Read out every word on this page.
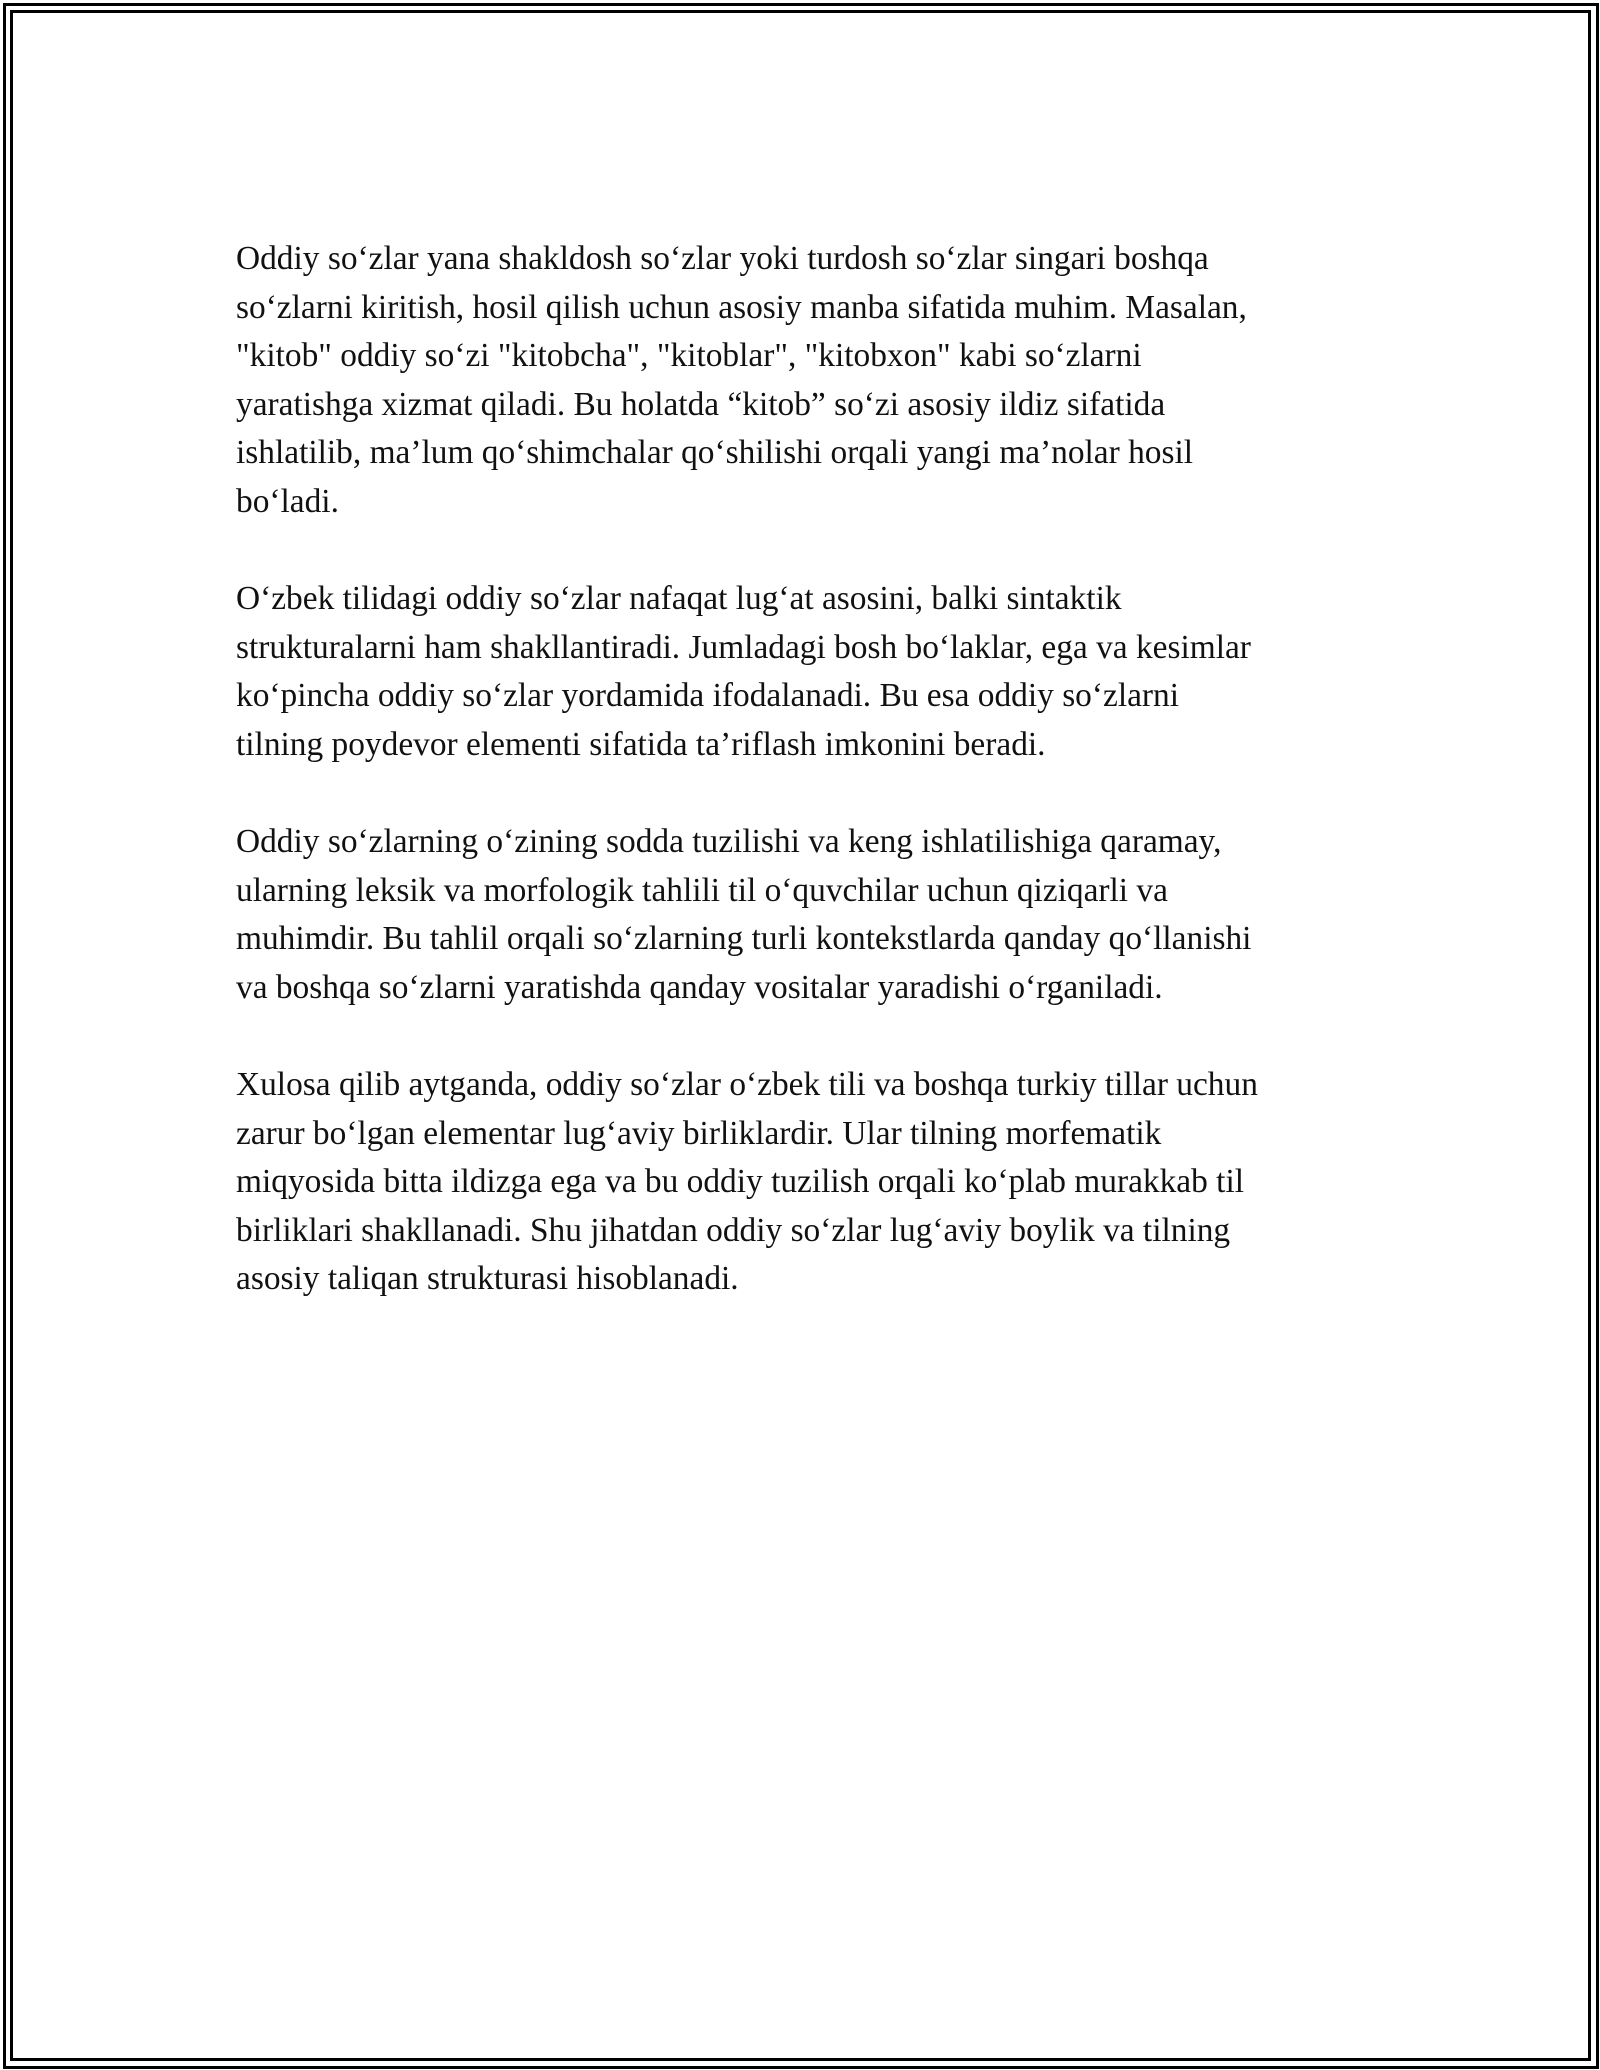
Oddiy so‘zlar yana shakldosh so‘zlar yoki turdosh so‘zlar singari boshqa
so‘zlarni kiritish, hosil qilish uchun asosiy manba sifatida muhim. Masalan,
"kitob" oddiy so‘zi "kitobcha", "kitoblar", "kitobxon" kabi so‘zlarni
yaratishga xizmat qiladi. Bu holatda “kitob” so‘zi asosiy ildiz sifatida
ishlatilib, ma’lum qo‘shimchalar qo‘shilishi orqali yangi ma’nolar hosil
bo‘ladi.

O‘zbek tilidagi oddiy so‘zlar nafaqat lug‘at asosini, balki sintaktik
strukturalarni ham shakllantiradi. Jumladagi bosh bo‘laklar, ega va kesimlar
ko‘pincha oddiy so‘zlar yordamida ifodalanadi. Bu esa oddiy so‘zlarni
tilning poydevor elementi sifatida ta’riflash imkonini beradi.

Oddiy so‘zlarning o‘zining sodda tuzilishi va keng ishlatilishiga qaramay,
ularning leksik va morfologik tahlili til o‘quvchilar uchun qiziqarli va
muhimdir. Bu tahlil orqali so‘zlarning turli kontekstlarda qanday qo‘llanishi
va boshqa so‘zlarni yaratishda qanday vositalar yaradishi o‘rganiladi.

Xulosa qilib aytganda, oddiy so‘zlar o‘zbek tili va boshqa turkiy tillar uchun
zarur bo‘lgan elementar lug‘aviy birliklardir. Ular tilning morfematik
miqyosida bitta ildizga ega va bu oddiy tuzilish orqali ko‘plab murakkab til
birliklari shakllanadi. Shu jihatdan oddiy so‘zlar lug‘aviy boylik va tilning
asosiy taliqan strukturasi hisoblanadi.
